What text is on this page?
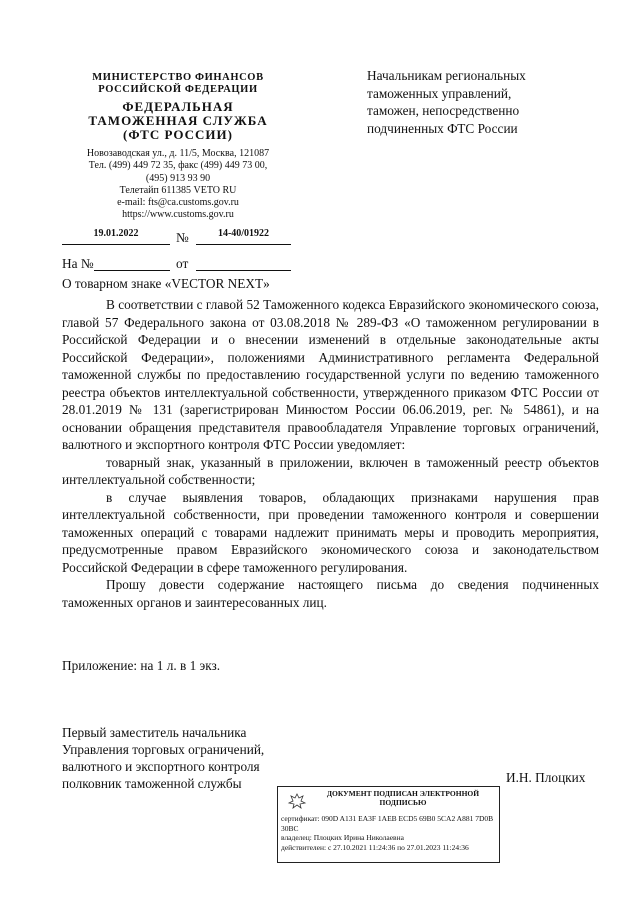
МИНИСТЕРСТВО ФИНАНСОВ
РОССИЙСКОЙ ФЕДЕРАЦИИ
ФЕДЕРАЛЬНАЯ
ТАМОЖЕННАЯ СЛУЖБА
(ФТС РОССИИ)
Новозаводская ул., д. 11/5, Москва, 121087
Тел. (499) 449 72 35, факс (499) 449 73 00,
(495) 913 93 90
Телетайп 611385 VETO RU
e-mail: fts@ca.customs.gov.ru
https://www.customs.gov.ru
19.01.2022	№	14-40/01922
На №	от
Начальникам региональных
таможенных управлений,
таможен, непосредственно
подчиненных ФТС России
О товарном знаке «VECTOR NEXT»

В соответствии с главой 52 Таможенного кодекса Евразийского экономического союза, главой 57 Федерального закона от 03.08.2018 № 289-ФЗ «О таможенном регулировании в Российской Федерации и о внесении изменений в отдельные законодательные акты Российской Федерации», положениями Административного регламента Федеральной таможенной службы по предоставлению государственной услуги по ведению таможенного реестра объектов интеллектуальной собственности, утвержденного приказом ФТС России от 28.01.2019 № 131 (зарегистрирован Минюстом России 06.06.2019, рег. № 54861), и на основании обращения представителя правообладателя Управление торговых ограничений, валютного и экспортного контроля ФТС России уведомляет:

товарный знак, указанный в приложении, включен в таможенный реестр объектов интеллектуальной собственности;

в случае выявления товаров, обладающих признаками нарушения прав интеллектуальной собственности, при проведении таможенного контроля и совершении таможенных операций с товарами надлежит принимать меры и проводить мероприятия, предусмотренные правом Евразийского экономического союза и законодательством Российской Федерации в сфере таможенного регулирования.

Прошу довести содержание настоящего письма до сведения подчиненных таможенных органов и заинтересованных лиц.

Приложение: на 1 л. в 1 экз.
Первый заместитель начальника
Управления торговых ограничений,
валютного и экспортного контроля
полковник таможенной службы	И.Н. Плоцких
ДОКУМЕНТ ПОДПИСАН ЭЛЕКТРОННОЙ ПОДПИСЬЮ
сертификат: 090D A131 EA3F 1AEB ECD5 69B0 5CA2 A881 7D0B 30BC
владелец: Плоцких Ирина Николаевна
действителен: с 27.10.2021 11:24:36 по 27.01.2023 11:24:36
